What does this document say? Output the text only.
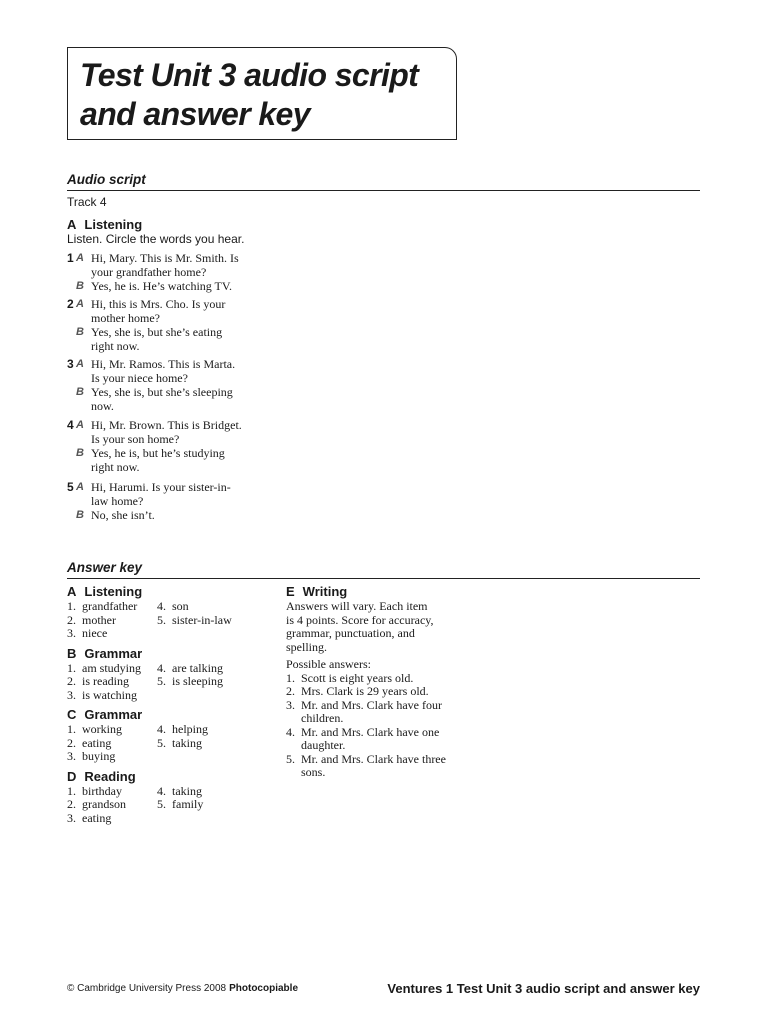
Test Unit 3 audio script
and answer key
Audio script
Track 4
A Listening
Listen. Circle the words you hear.
1 A Hi, Mary. This is Mr. Smith. Is
your grandfather home?
B Yes, he is. He’s watching TV.
2 A Hi, this is Mrs. Cho. Is your
mother home?
B Yes, she is, but she’s eating
right now.
3 A Hi, Mr. Ramos. This is Marta.
Is your niece home?
B Yes, she is, but she’s sleeping
now.
4 A Hi, Mr. Brown. This is Bridget.
Is your son home?
B Yes, he is, but he’s studying
right now.
5 A Hi, Harumi. Is your sister-in-
law home?
B No, she isn’t.
Answer key
A Listening
1. grandfather 4. son
2. mother	5. sister-in-law
3. niece
B Grammar
1. am studying 4. are talking
2. is reading 5. is sleeping
3. is watching
C Grammar
1. working	4. helping
2. eating	5. taking
3. buying
D Reading
1. birthday	4. taking
2. grandson	5. family
3. eating
E Writing
Answers will vary. Each item
is 4 points. Score for accuracy,
grammar, punctuation, and
spelling.
Possible answers:
1. Scott is eight years old.
2. Mrs. Clark is 29 years old.
3. Mr. and Mrs. Clark have four
children.
4. Mr. and Mrs. Clark have one
daughter.
5. Mr. and Mrs. Clark have three
sons.
© Cambridge University Press 2008 Photocopiable	Ventures 1 Test Unit 3 audio script and answer key
